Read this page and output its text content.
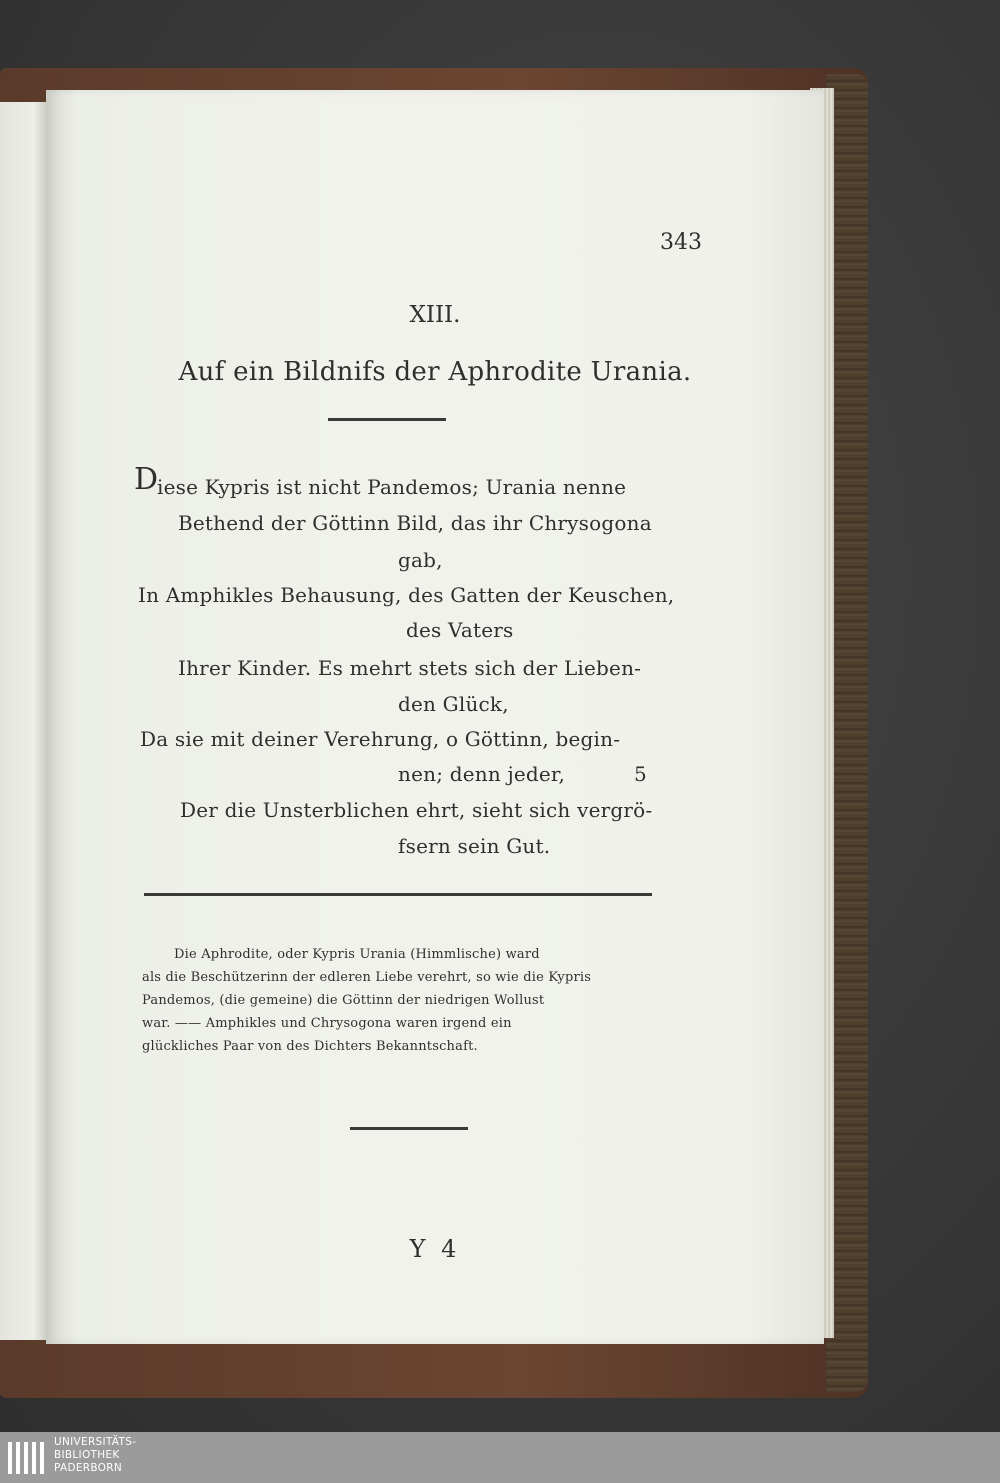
343
XIII.
Auf ein Bildnifs der Aphrodite Urania.
D
iese Kypris ist nicht Pandemos; Urania nenne
Bethend der Göttinn Bild, das ihr Chrysogona
gab,
In Amphikles Behausung, des Gatten der Keuschen,
des Vaters
Ihrer Kinder. Es mehrt stets sich der Lieben-
den Glück,
Da sie mit deiner Verehrung, o Göttinn, begin-
nen; denn jeder,	5
Der die Unsterblichen ehrt, sieht sich vergrö-
fsern sein Gut.
Die Aphrodite, oder Kypris Urania (Himmlische) ward
als die Beschützerinn der edleren Liebe verehrt, so wie die Kypris
Pandemos, (die gemeine) die Göttinn der niedrigen Wollust
war. —— Amphikles und Chrysogona waren irgend ein
glückliches Paar von des Dichters Bekanntschaft.
Y 4
UNIVERSITÄTS-
BIBLIOTHEK
PADERBORN
